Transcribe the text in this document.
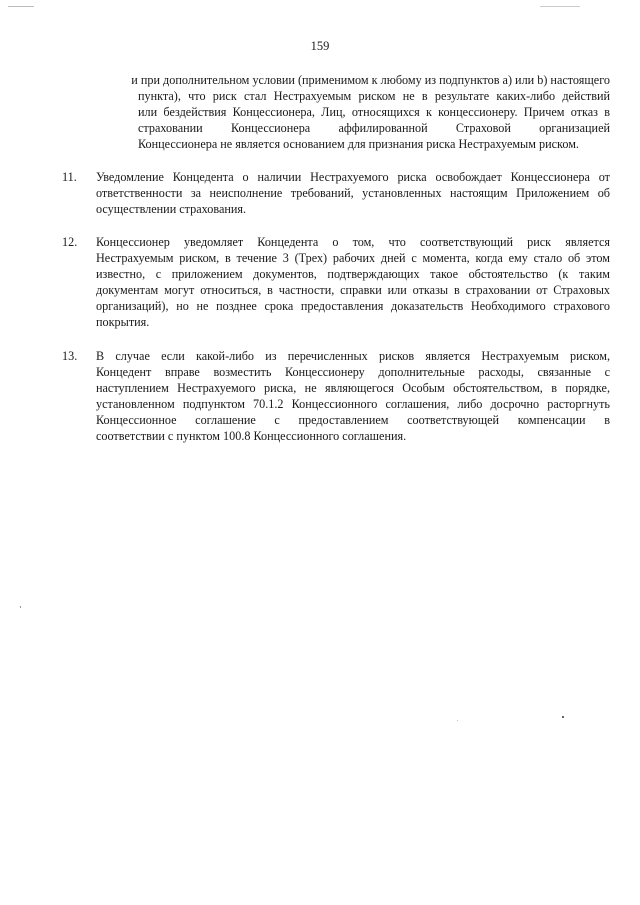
159
и при дополнительном условии (применимом к любому из подпунктов а) или b) настоящего
пункта), что риск стал Нестрахуемым риском не в результате каких-либо действий
или бездействия Концессионера, Лиц, относящихся к концессионеру. Причем отказ в
страховании Концессионера аффилированной Страховой организацией
Концессионера не является основанием для признания риска Нестрахуемым риском.
11. Уведомление Концедента о наличии Нестрахуемого риска освобождает Концессионера от
ответственности за неисполнение требований, установленных настоящим Приложением об
осуществлении страхования.
12. Концессионер уведомляет Концедента о том, что соответствующий риск является
Нестрахуемым риском, в течение 3 (Трех) рабочих дней с момента, когда ему стало об этом
известно, с приложением документов, подтверждающих такое обстоятельство (к таким
документам могут относиться, в частности, справки или отказы в страховании от Страховых
организаций), но не позднее срока предоставления доказательств Необходимого страхового
покрытия.
13. В случае если какой-либо из перечисленных рисков является Нестрахуемым риском,
Концедент вправе возместить Концессионеру дополнительные расходы, связанные с
наступлением Нестрахуемого риска, не являющегося Особым обстоятельством, в порядке,
установленном подпунктом 70.1.2 Концессионного соглашения, либо досрочно расторгнуть
Концессионное соглашение с предоставлением соответствующей компенсации в
соответствии с пунктом 100.8 Концессионного соглашения.
